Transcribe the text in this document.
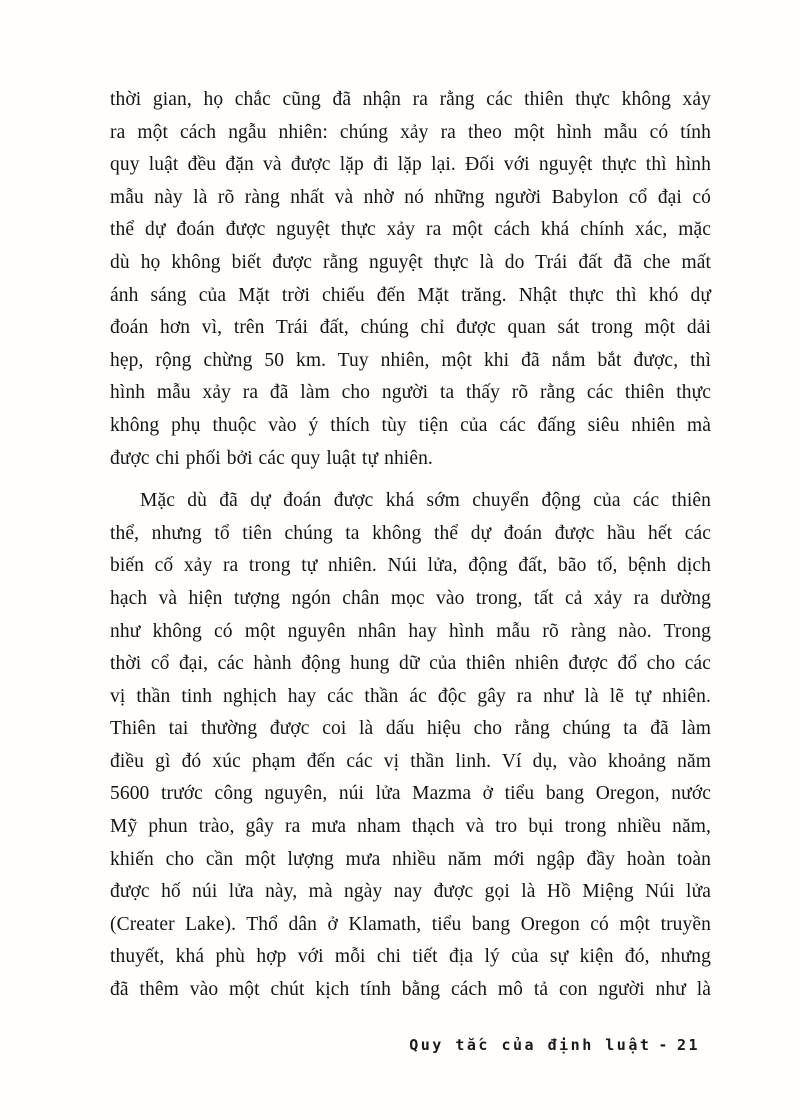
thời gian, họ chắc cũng đã nhận ra rằng các thiên thực không xảy
ra một cách ngẫu nhiên: chúng xảy ra theo một hình mẫu có tính
quy luật đều đặn và được lặp đi lặp lại. Đối với nguyệt thực thì hình
mẫu này là rõ ràng nhất và nhờ nó những người Babylon cổ đại có
thể dự đoán được nguyệt thực xảy ra một cách khá chính xác, mặc
dù họ không biết được rằng nguyệt thực là do Trái đất đã che mất
ánh sáng của Mặt trời chiếu đến Mặt trăng. Nhật thực thì khó dự
đoán hơn vì, trên Trái đất, chúng chỉ được quan sát trong một dải
hẹp, rộng chừng 50 km. Tuy nhiên, một khi đã nắm bắt được, thì
hình mẫu xảy ra đã làm cho người ta thấy rõ rằng các thiên thực
không phụ thuộc vào ý thích tùy tiện của các đấng siêu nhiên mà
được chi phối bởi các quy luật tự nhiên.
Mặc dù đã dự đoán được khá sớm chuyển động của các thiên
thể, nhưng tổ tiên chúng ta không thể dự đoán được hầu hết các
biến cố xảy ra trong tự nhiên. Núi lửa, động đất, bão tố, bệnh dịch
hạch và hiện tượng ngón chân mọc vào trong, tất cả xảy ra dường
như không có một nguyên nhân hay hình mẫu rõ ràng nào. Trong
thời cổ đại, các hành động hung dữ của thiên nhiên được đổ cho các
vị thần tinh nghịch hay các thần ác độc gây ra như là lẽ tự nhiên.
Thiên tai thường được coi là dấu hiệu cho rằng chúng ta đã làm
điều gì đó xúc phạm đến các vị thần linh. Ví dụ, vào khoảng năm
5600 trước công nguyên, núi lửa Mazma ở tiểu bang Oregon, nước
Mỹ phun trào, gây ra mưa nham thạch và tro bụi trong nhiều năm,
khiến cho cần một lượng mưa nhiều năm mới ngập đầy hoàn toàn
được hố núi lửa này, mà ngày nay được gọi là Hồ Miệng Núi lửa
(Creater Lake). Thổ dân ở Klamath, tiểu bang Oregon có một truyền
thuyết, khá phù hợp với mỗi chi tiết địa lý của sự kiện đó, nhưng
đã thêm vào một chút kịch tính bằng cách mô tả con người như là
Quy tắc của định luật - 21
